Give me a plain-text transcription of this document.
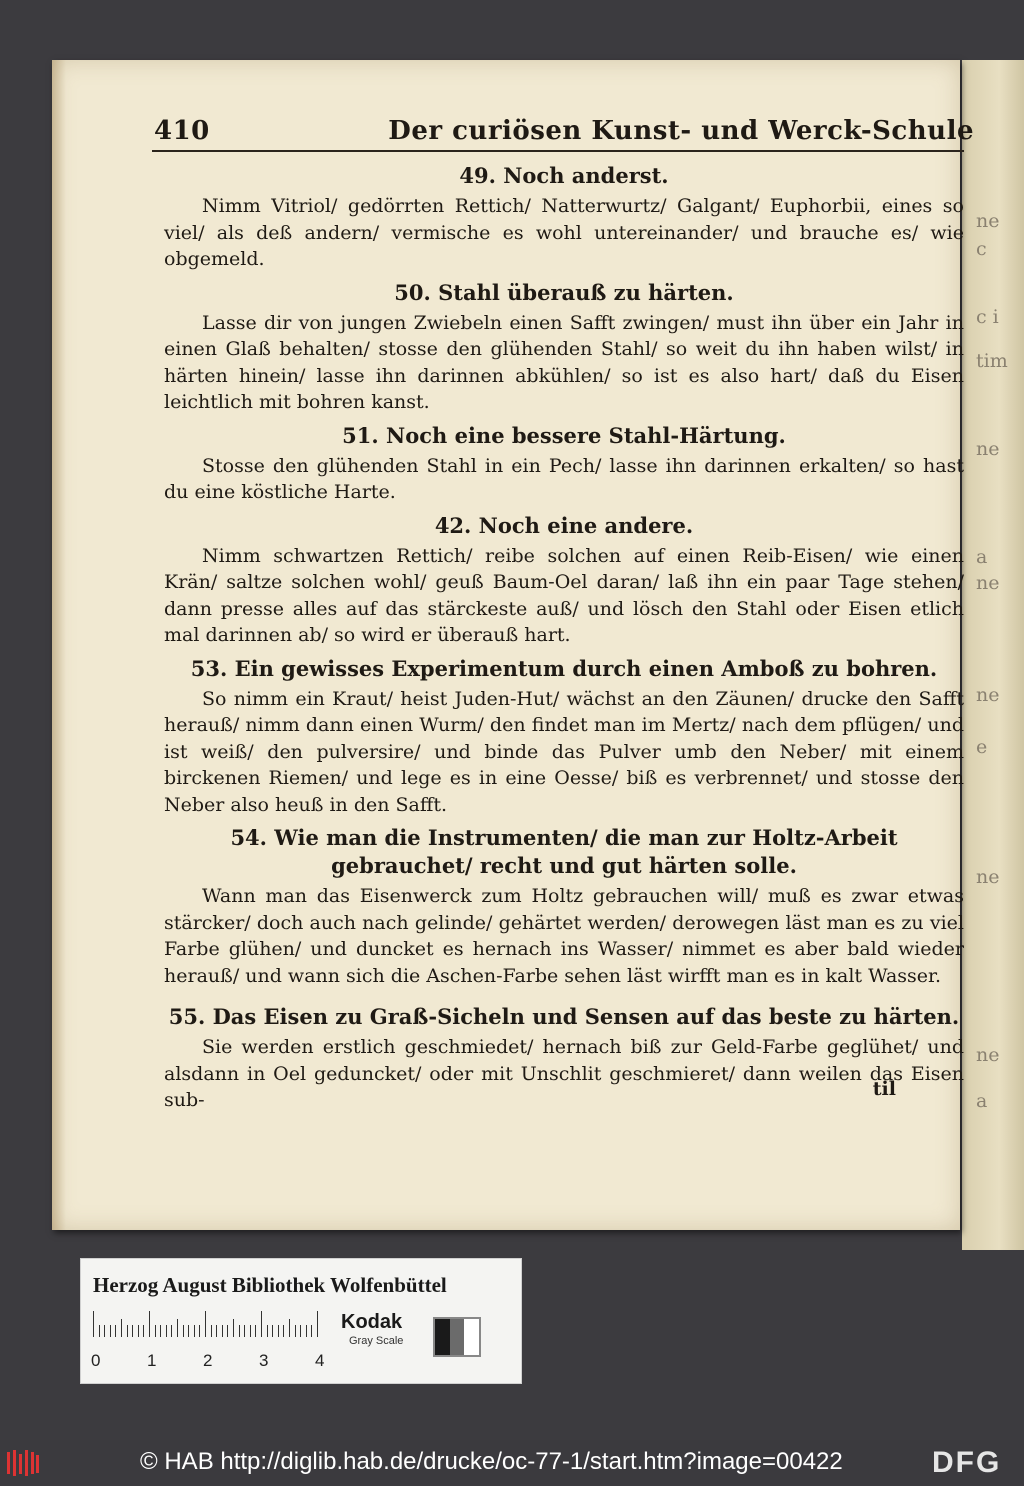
ne
c
c i
tim
ne
a
ne
ne
e
ne
ne
a
410	Der curiösen Kunst- und Werck-Schule
49. Noch anderst.

Nimm Vitriol/ gedörrten Rettich/ Natterwurtz/ Galgant/ Euphorbii, eines so viel/ als deß andern/ vermische es wohl untereinander/ und brauche es/ wie obgemeld.

50. Stahl überauß zu härten.

Lasse dir von jungen Zwiebeln einen Safft zwingen/ must ihn über ein Jahr in einen Glaß behalten/ stosse den glühenden Stahl/ so weit du ihn haben wilst/ in härten hinein/ lasse ihn darinnen abkühlen/ so ist es also hart/ daß du Eisen leichtlich mit bohren kanst.

51. Noch eine bessere Stahl-Härtung.

Stosse den glühenden Stahl in ein Pech/ lasse ihn darinnen erkalten/ so hast du eine köstliche Harte.

42. Noch eine andere.

Nimm schwartzen Rettich/ reibe solchen auf einen Reib-Eisen/ wie einen Krän/ saltze solchen wohl/ geuß Baum-Oel daran/ laß ihn ein paar Tage stehen/ dann presse alles auf das stärckeste auß/ und lösch den Stahl oder Eisen etlich mal darinnen ab/ so wird er überauß hart.

53. Ein gewisses Experimentum durch einen Amboß zu bohren.

So nimm ein Kraut/ heist Juden-Hut/ wächst an den Zäunen/ drucke den Safft herauß/ nimm dann einen Wurm/ den findet man im Mertz/ nach dem pflügen/ und ist weiß/ den pulversire/ und binde das Pulver umb den Neber/ mit einem birckenen Riemen/ und lege es in eine Oesse/ biß es verbrennet/ und stosse den Neber also heuß in den Safft.

54. Wie man die Instrumenten/ die man zur Holtz-Arbeit gebrauchet/ recht und gut härten solle.

Wann man das Eisenwerck zum Holtz gebrauchen will/ muß es zwar etwas stärcker/ doch auch nach gelinde/ gehärtet werden/ derowegen läst man es zu viel Farbe glühen/ und duncket es hernach ins Wasser/ nimmet es aber bald wieder herauß/ und wann sich die Aschen-Farbe sehen läst wirfft man es in kalt Wasser.

55. Das Eisen zu Graß-Sicheln und Sensen auf das beste zu härten.

Sie werden erstlich geschmiedet/ hernach biß zur Geld-Farbe geglühet/ und alsdann in Oel geduncket/ oder mit Unschlit geschmieret/ dann weilen das Eisen sub-	til
Herzog August Bibliothek Wolfenbüttel
0	1	2	3	4
Kodak
Gray Scale
© HAB http://diglib.hab.de/drucke/oc-77-1/start.htm?image=00422	DFG
